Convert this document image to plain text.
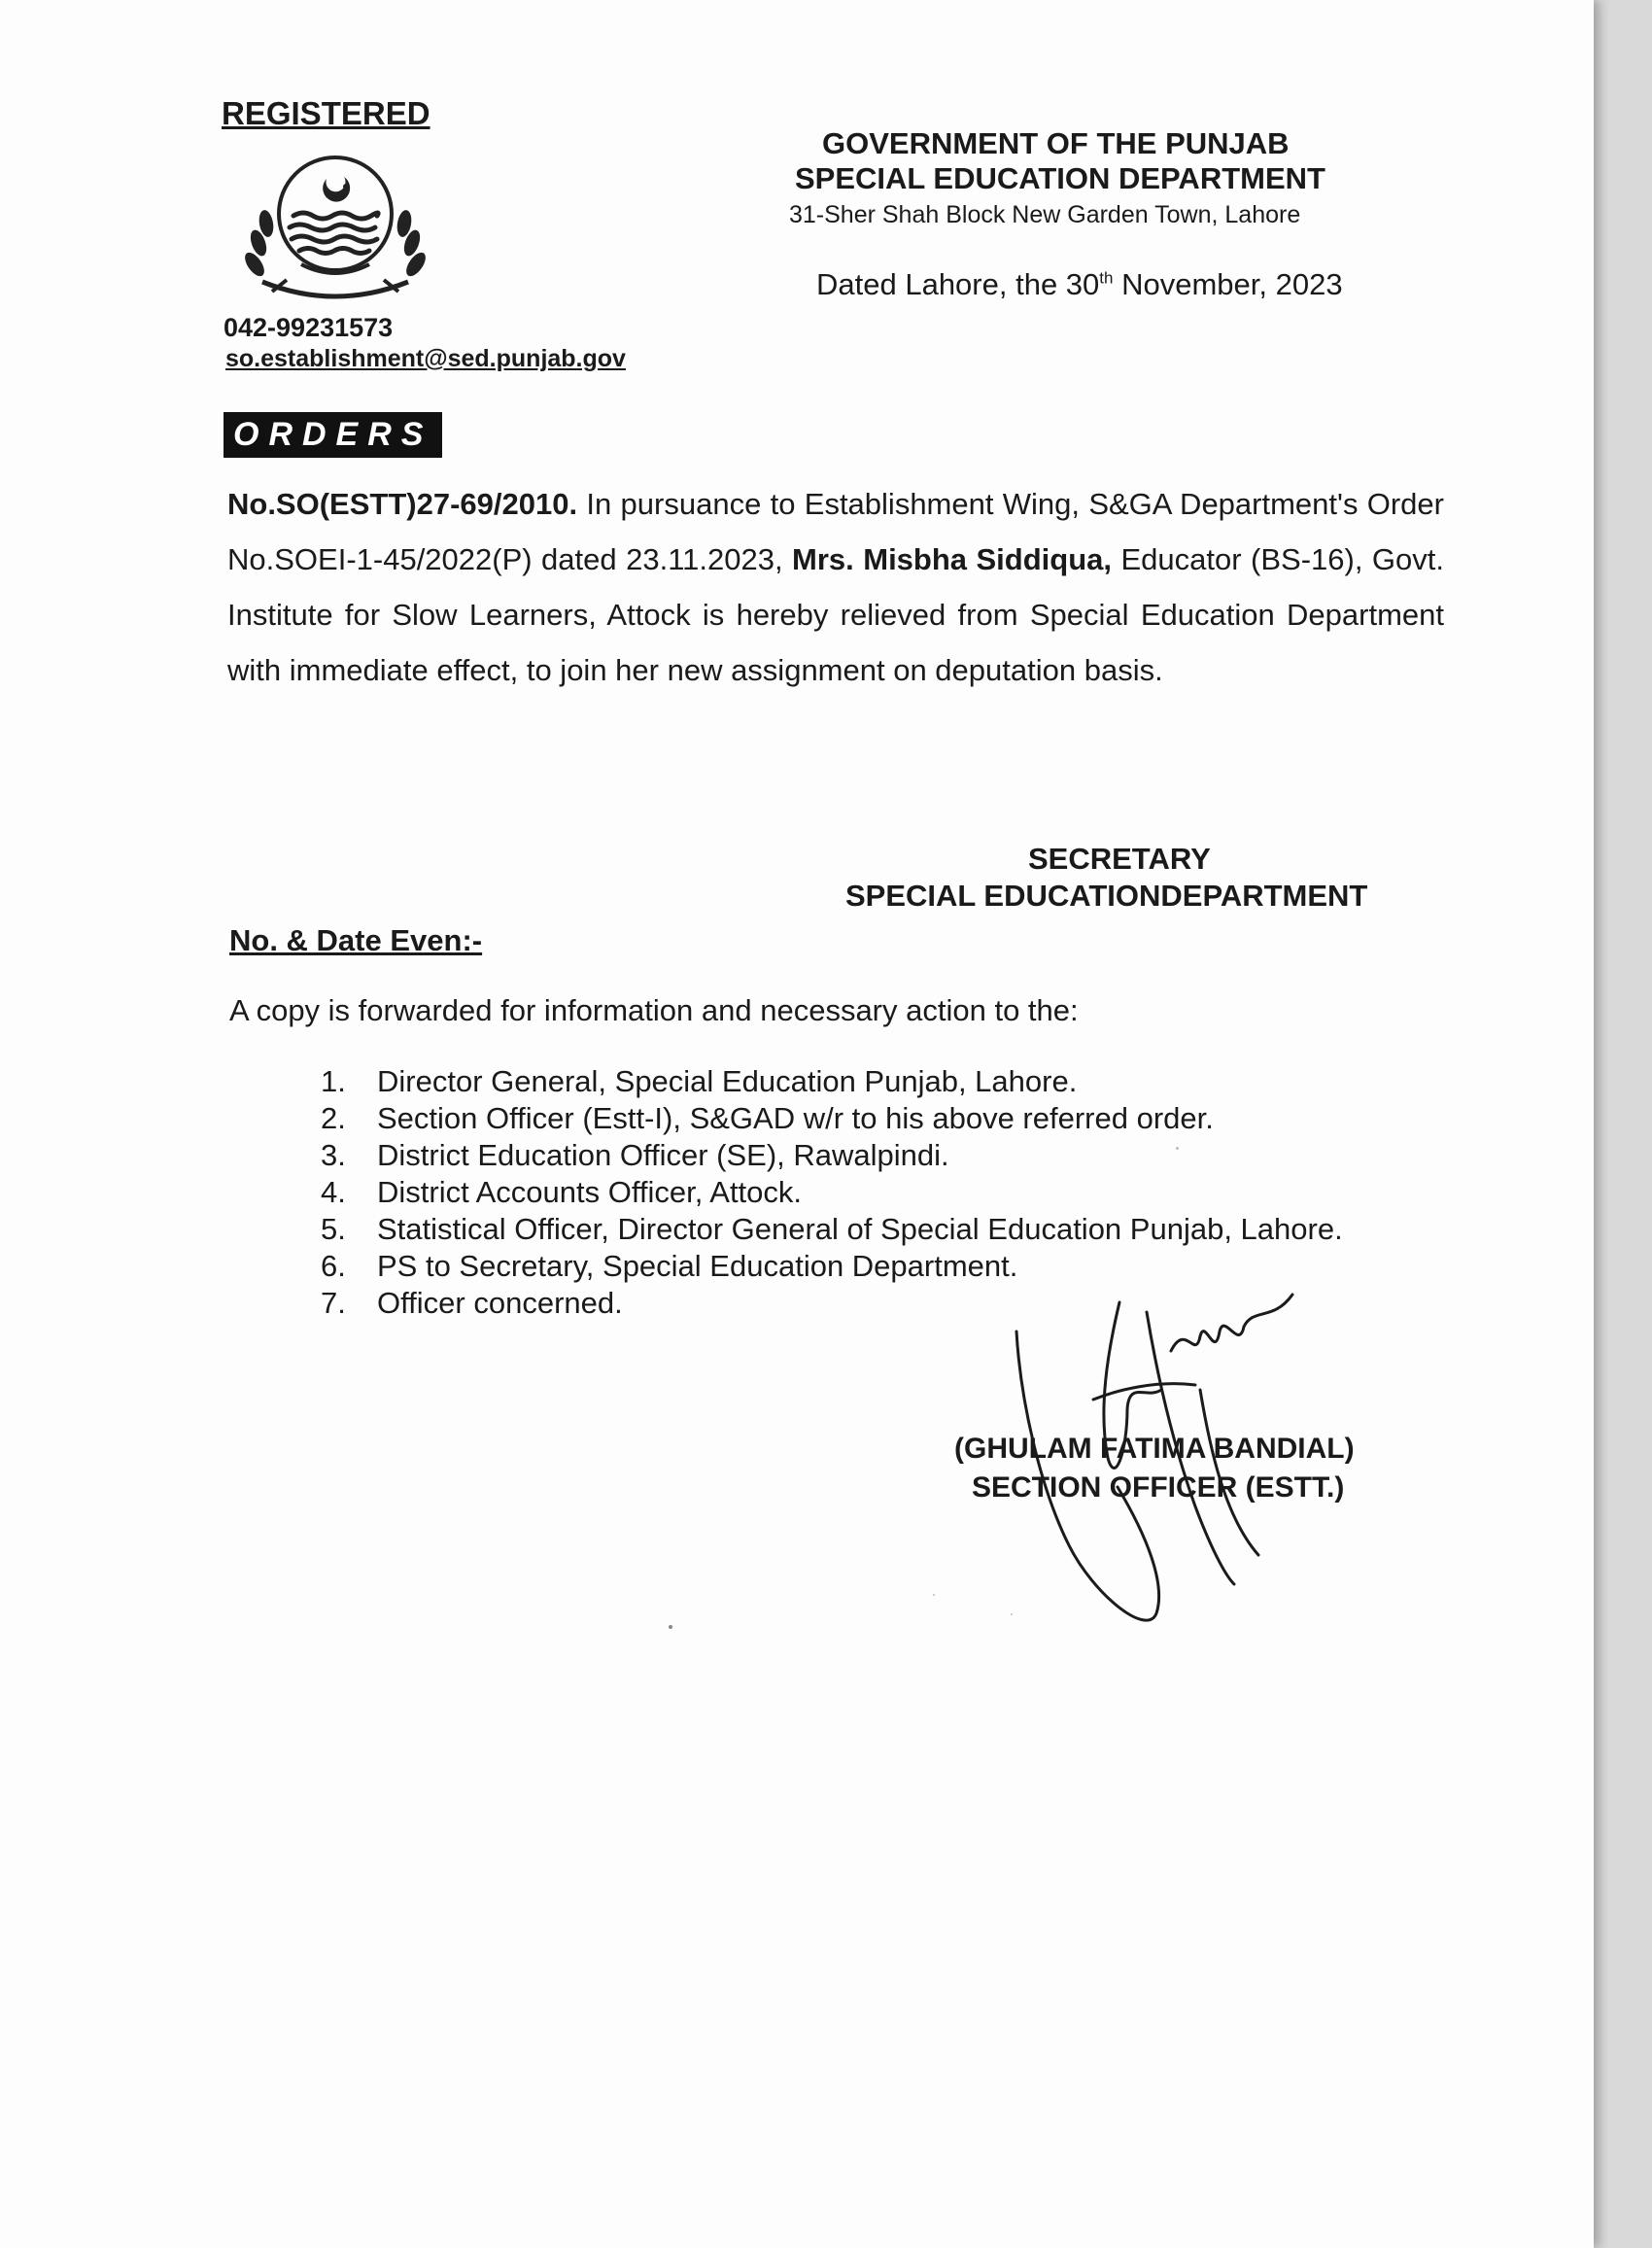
REGISTERED
042-99231573
so.establishment@sed.punjab.gov
GOVERNMENT OF THE PUNJAB
SPECIAL EDUCATION DEPARTMENT
31-Sher Shah Block New Garden Town, Lahore
Dated Lahore, the 30th November, 2023
ORDERS
No.SO(ESTT)27-69/2010. In pursuance to Establishment Wing, S&GA Department's Order No.SOEI-1-45/2022(P) dated 23.11.2023, Mrs. Misbha Siddiqua, Educator (BS-16), Govt. Institute for Slow Learners, Attock is hereby relieved from Special Education Department with immediate effect, to join her new assignment on deputation basis.
SECRETARY
SPECIAL EDUCATIONDEPARTMENT
No. & Date Even:-
A copy is forwarded for information and necessary action to the:
1.	Director General, Special Education Punjab, Lahore.
2.	Section Officer (Estt-I), S&GAD w/r to his above referred order.
3.	District Education Officer (SE), Rawalpindi.
4.	District Accounts Officer, Attock.
5.	Statistical Officer, Director General of Special Education Punjab, Lahore.
6.	PS to Secretary, Special Education Department.
7.	Officer concerned.
(GHULAM FATIMA BANDIAL)
SECTION OFFICER (ESTT.)
